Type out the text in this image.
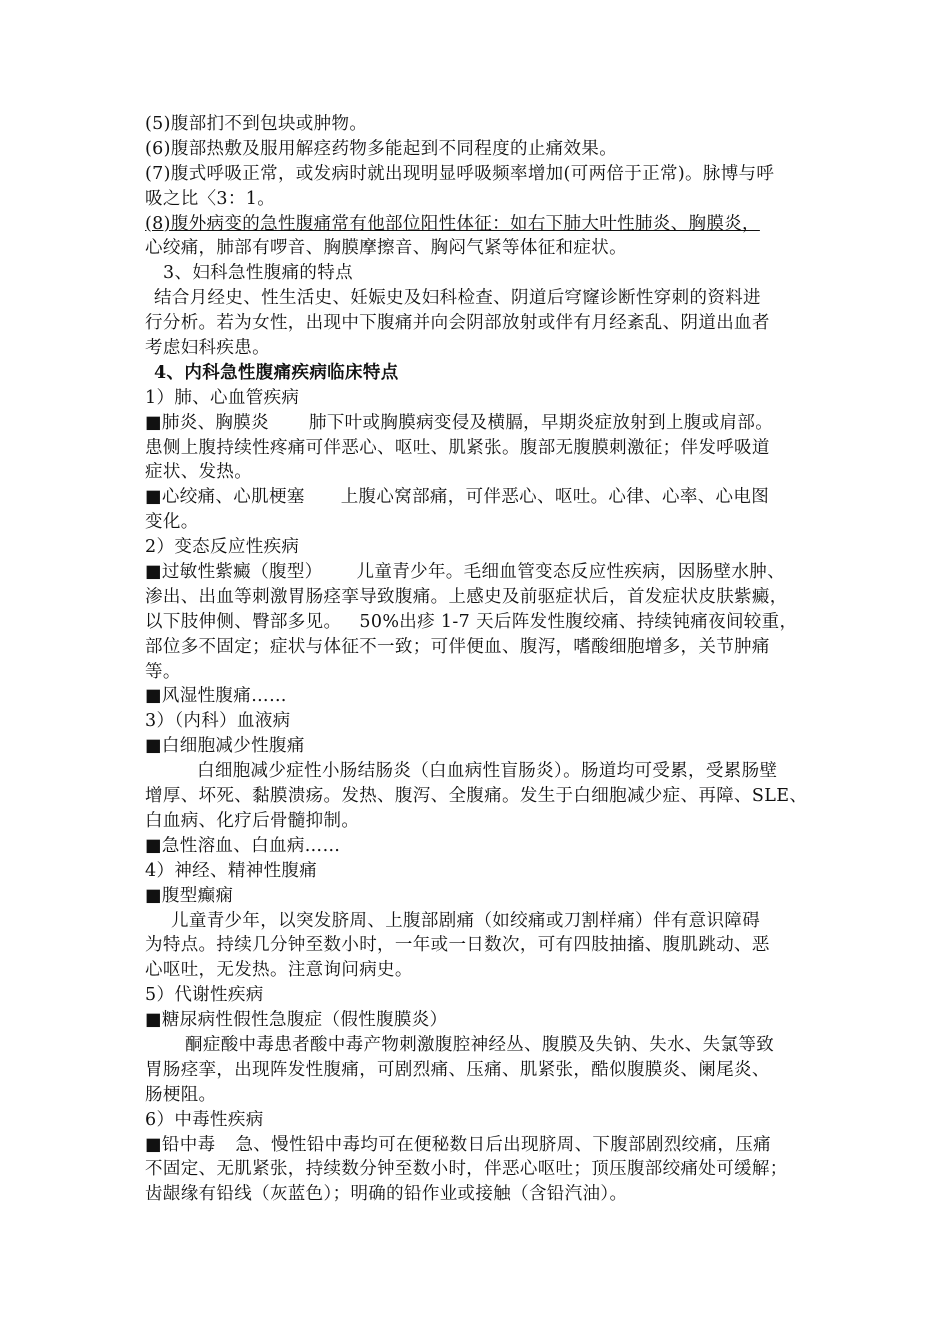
(5)腹部扪不到包块或肿物。
(6)腹部热敷及服用解痉药物多能起到不同程度的止痛效果。
(7)腹式呼吸正常，或发病时就出现明显呼吸频率增加(可两倍于正常)。脉博与呼
吸之比〈3：1。
(8)腹外病变的急性腹痛常有他部位阳性体征：如右下肺大叶性肺炎、胸膜炎，
心绞痛，肺部有啰音、胸膜摩擦音、胸闷气紧等体征和症状。
3、妇科急性腹痛的特点
结合月经史、性生活史、妊娠史及妇科检查、阴道后穹窿诊断性穿刺的资料进
行分析。若为女性，出现中下腹痛并向会阴部放射或伴有月经紊乱、阴道出血者
考虑妇科疾患。
4、内科急性腹痛疾病临床特点
1）肺、心血管疾病
■肺炎、胸膜炎 肺下叶或胸膜病变侵及横膈，早期炎症放射到上腹或肩部。
患侧上腹持续性疼痛可伴恶心、呕吐、肌紧张。腹部无腹膜刺激征；伴发呼吸道
症状、发热。
■心绞痛、心肌梗塞 上腹心窝部痛，可伴恶心、呕吐。心律、心率、心电图
变化。
2）变态反应性疾病
■过敏性紫癜（腹型） 儿童青少年。毛细血管变态反应性疾病，因肠壁水肿、
渗出、出血等刺激胃肠痉挛导致腹痛。上感史及前驱症状后，首发症状皮肤紫癜，
以下肢伸侧、臀部多见。 50%出疹 1-7 天后阵发性腹绞痛、持续钝痛夜间较重，
部位多不固定；症状与体征不一致；可伴便血、腹泻，嗜酸细胞增多，关节肿痛
等。
■风湿性腹痛……
3）（内科）血液病
■白细胞减少性腹痛
白细胞减少症性小肠结肠炎（白血病性盲肠炎）。肠道均可受累，受累肠壁
增厚、坏死、黏膜溃疡。发热、腹泻、全腹痛。发生于白细胞减少症、再障、SLE、
白血病、化疗后骨髓抑制。
■急性溶血、白血病……
4）神经、精神性腹痛
■腹型癫痫
儿童青少年，以突发脐周、上腹部剧痛（如绞痛或刀割样痛）伴有意识障碍
为特点。持续几分钟至数小时，一年或一日数次，可有四肢抽搐、腹肌跳动、恶
心呕吐，无发热。注意询问病史。
5）代谢性疾病
■糖尿病性假性急腹症（假性腹膜炎）
酮症酸中毒患者酸中毒产物刺激腹腔神经丛、腹膜及失钠、失水、失氯等致
胃肠痉挛，出现阵发性腹痛，可剧烈痛、压痛、肌紧张，酷似腹膜炎、阑尾炎、
肠梗阻。
6）中毒性疾病
■铅中毒 急、慢性铅中毒均可在便秘数日后出现脐周、下腹部剧烈绞痛，压痛
不固定、无肌紧张，持续数分钟至数小时，伴恶心呕吐；顶压腹部绞痛处可缓解；
齿龈缘有铅线（灰蓝色）；明确的铅作业或接触（含铅汽油）。
